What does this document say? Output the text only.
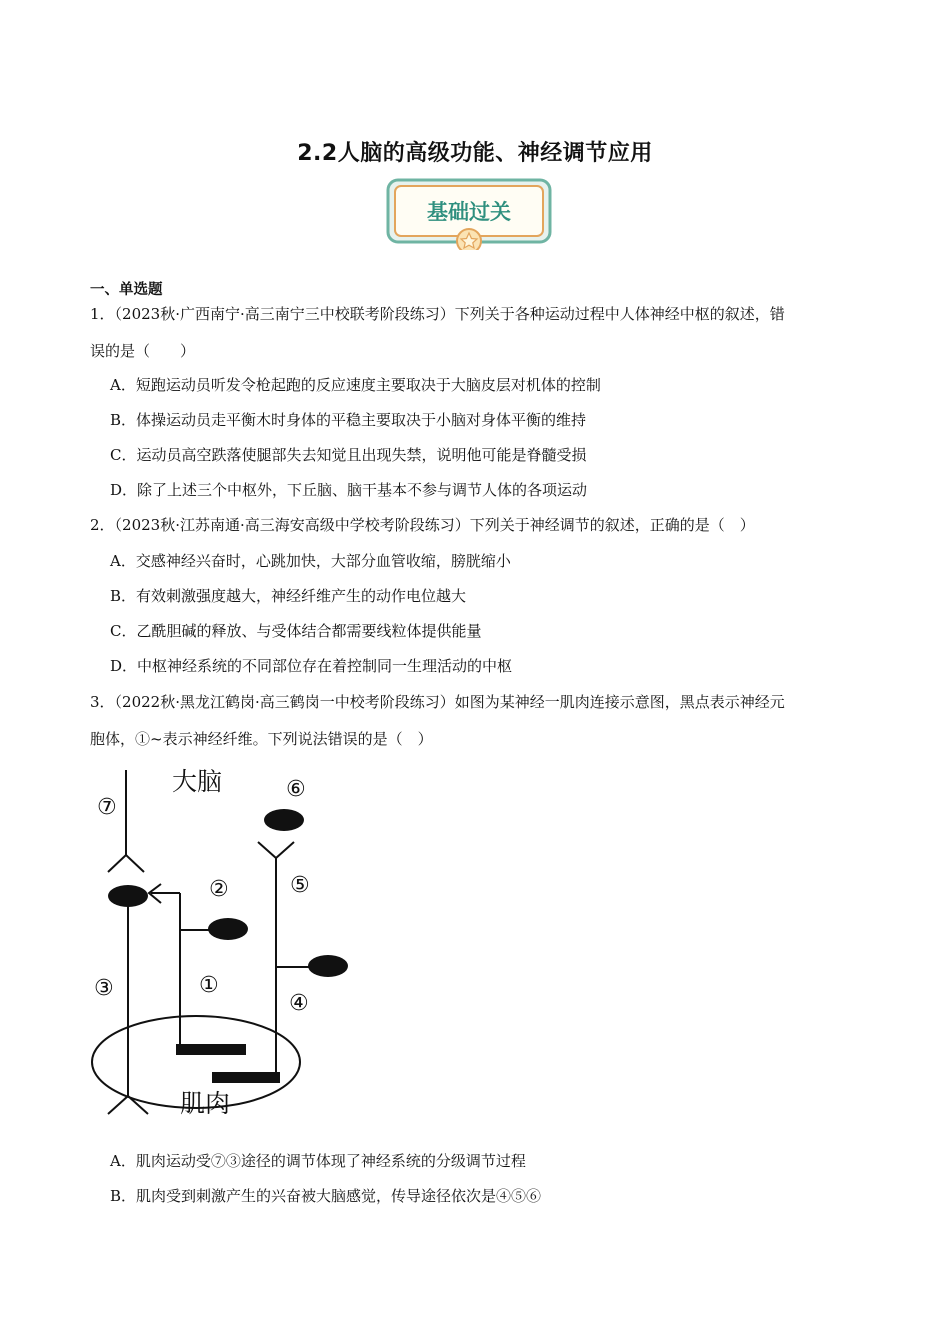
2.2人脑的高级功能、神经调节应用
基础过关
一、单选题
1．（2023秋·广西南宁·高三南宁三中校联考阶段练习）下列关于各种运动过程中人体神经中枢的叙述，错
误的是（　　）
A．短跑运动员听发令枪起跑的反应速度主要取决于大脑皮层对机体的控制
B．体操运动员走平衡木时身体的平稳主要取决于小脑对身体平衡的维持
C．运动员高空跌落使腿部失去知觉且出现失禁，说明他可能是脊髓受损
D．除了上述三个中枢外，下丘脑、脑干基本不参与调节人体的各项运动
2．（2023秋·江苏南通·高三海安高级中学校考阶段练习）下列关于神经调节的叙述，正确的是（　）
A．交感神经兴奋时，心跳加快，大部分血管收缩，膀胱缩小
B．有效刺激强度越大，神经纤维产生的动作电位越大
C．乙酰胆碱的释放、与受体结合都需要线粒体提供能量
D．中枢神经系统的不同部位存在着控制同一生理活动的中枢
3．（2022秋·黑龙江鹤岗·高三鹤岗一中校考阶段练习）如图为某神经一肌肉连接示意图，黑点表示神经元
胞体，①~表示神经纤维。下列说法错误的是（　）
大脑
肌肉
②
①
③
④
⑤
⑥
⑦
A．肌肉运动受⑦③途径的调节体现了神经系统的分级调节过程
B．肌肉受到刺激产生的兴奋被大脑感觉，传导途径依次是④⑤⑥
